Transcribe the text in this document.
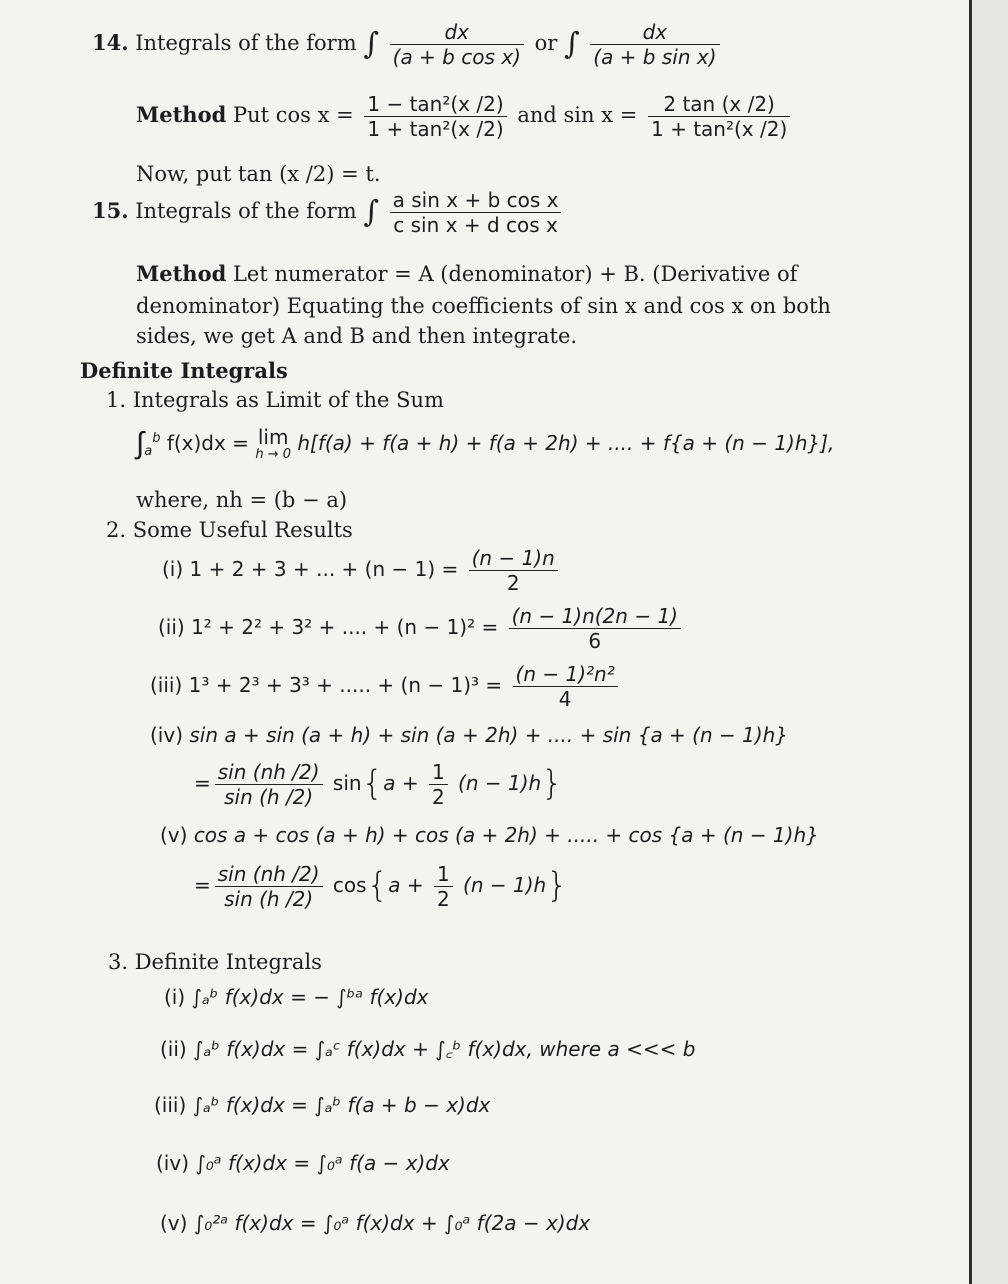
14. Integrals of the form ∫ $\frac{dx}{\text{(a + b cos x)}}$ or ∫ $\frac{dx}{\text{(a + b sin x)}}$
Method Put $\cos x = \frac{\text{1 − tan²(x /2)}}{\text{1 + tan²(x /2)}}$ and $\sin x = \frac{2 \tan (x /2)}{\text{1 + tan²(x /2)}}$
Now, put tan (x /2) = t.
15. Integrals of the form ∫ $\frac{\text{a sin x + b cos x}}{\text{c sin x + d cos x}}$
Method Let numerator = A (denominator) + B. (Derivative of
denominator) Equating the coefficients of sin x and cos x on both
sides, we get A and B and then integrate.
Definite Integrals
1. Integrals as Limit of the Sum
$\int_a^b$ f(x)dx = lim
h → 0 h[f(a) + f(a + h) + f(a + 2h) + .... + f{a + (n − 1)h}],
where, nh = (b − a)
2. Some Useful Results
(i) 1 + 2 + 3 + ... + $(n - 1) = \frac{(n - 1)n}{2}$
(ii) 1² + 2² + 3² + .... + $(n - 1)^2 = \frac{(n - 1)n(2n - 1)}{6}$
(iii) 1³ + 2³ + 3³ + ..... + $(n - 1)^3 = \frac{\text{(n − 1)²n²}}{4}$
(iv) sin a + sin (a + h) + sin (a + 2h) + .... + sin {a + (n − 1)h}
= $\frac{\sin (nh /2)}{\sin (h /2)} \sin\{a + \frac{1}{2} (n - 1)h\}$
(v) cos a + cos (a + h) + cos (a + 2h) + ..... + cos {a + (n − 1)h}
= $\frac{\sin (nh /2)}{\sin (h /2)} \cos\{a + \frac{1}{2} (n - 1)h\}$
3. Definite Integrals
(i) ∫ₐᵇ f(x)dx = − ∫ᵇᵃ f(x)dx
(ii) ∫ₐᵇ f(x)dx = ∫ₐᶜ f(x)dx + ∫꜀ᵇ f(x)dx, where a <<< b
(iii) ∫ₐᵇ f(x)dx = ∫ₐᵇ f(a + b − x)dx
(iv) ∫₀ᵃ f(x)dx = ∫₀ᵃ f(a − x)dx
(v) ∫₀²ᵃ f(x)dx = ∫₀ᵃ f(x)dx + ∫₀ᵃ f(2a − x)dx
